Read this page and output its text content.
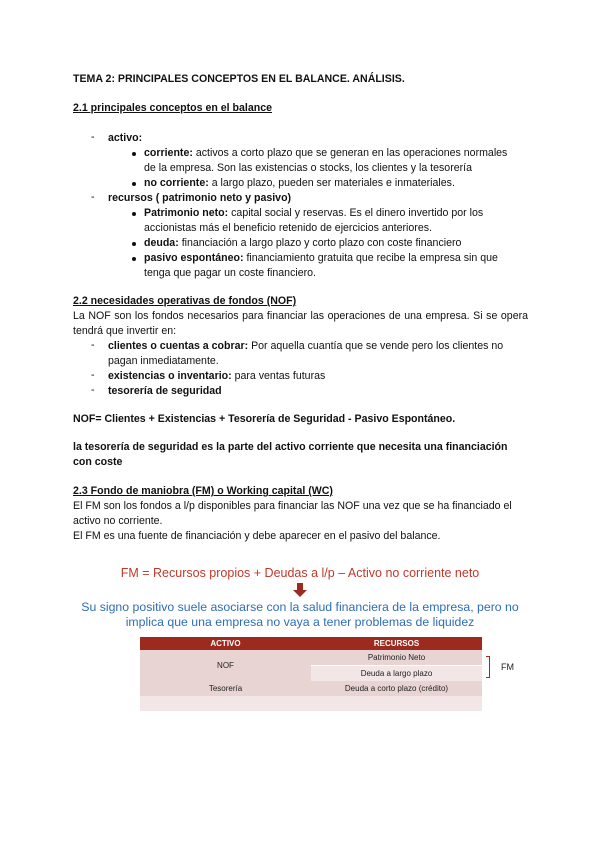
TEMA 2: PRINCIPALES CONCEPTOS EN EL BALANCE. ANÁLISIS.
2.1 principales conceptos en el balance
- activo:
corriente: activos a corto plazo que se generan en las operaciones normales
de la empresa. Son las existencias o stocks, los clientes y la tesorería
no corriente: a largo plazo, pueden ser materiales e inmateriales.
- recursos ( patrimonio neto y pasivo)
Patrimonio neto: capital social y reservas. Es el dinero invertido por los
accionistas más el beneficio retenido de ejercicios anteriores.
deuda: financiación a largo plazo y corto plazo con coste financiero
pasivo espontáneo: financiamiento gratuita que recibe la empresa sin que
tenga que pagar un coste financiero.
2.2 necesidades operativas de fondos (NOF)
La NOF son los fondos necesarios para financiar las operaciones de una empresa. Si se opera tendrá que invertir en:
- clientes o cuentas a cobrar: Por aquella cuantía que se vende pero los clientes no
pagan inmediatamente.
- existencias o inventario: para ventas futuras
- tesorería de seguridad
NOF= Clientes + Existencias + Tesorería de Seguridad - Pasivo Espontáneo.
la tesorería de seguridad es la parte del activo corriente que necesita una financiación con coste
2.3 Fondo de maniobra (FM) o Working capital (WC)
El FM son los fondos a l/p disponibles para financiar las NOF una vez que se ha financiado el activo no corriente.
El FM es una fuente de financiación y debe aparecer en el pasivo del balance.
FM = Recursos propios + Deudas a l/p – Activo no corriente neto
Su signo positivo suele asociarse con la salud financiera de la empresa, pero no
implica que una empresa no vaya a tener problemas de liquidez
ACTIVO	RECURSOS
NOF	Patrimonio Neto
	Deuda a largo plazo
Tesorería	Deuda a corto plazo (crédito)

FM
